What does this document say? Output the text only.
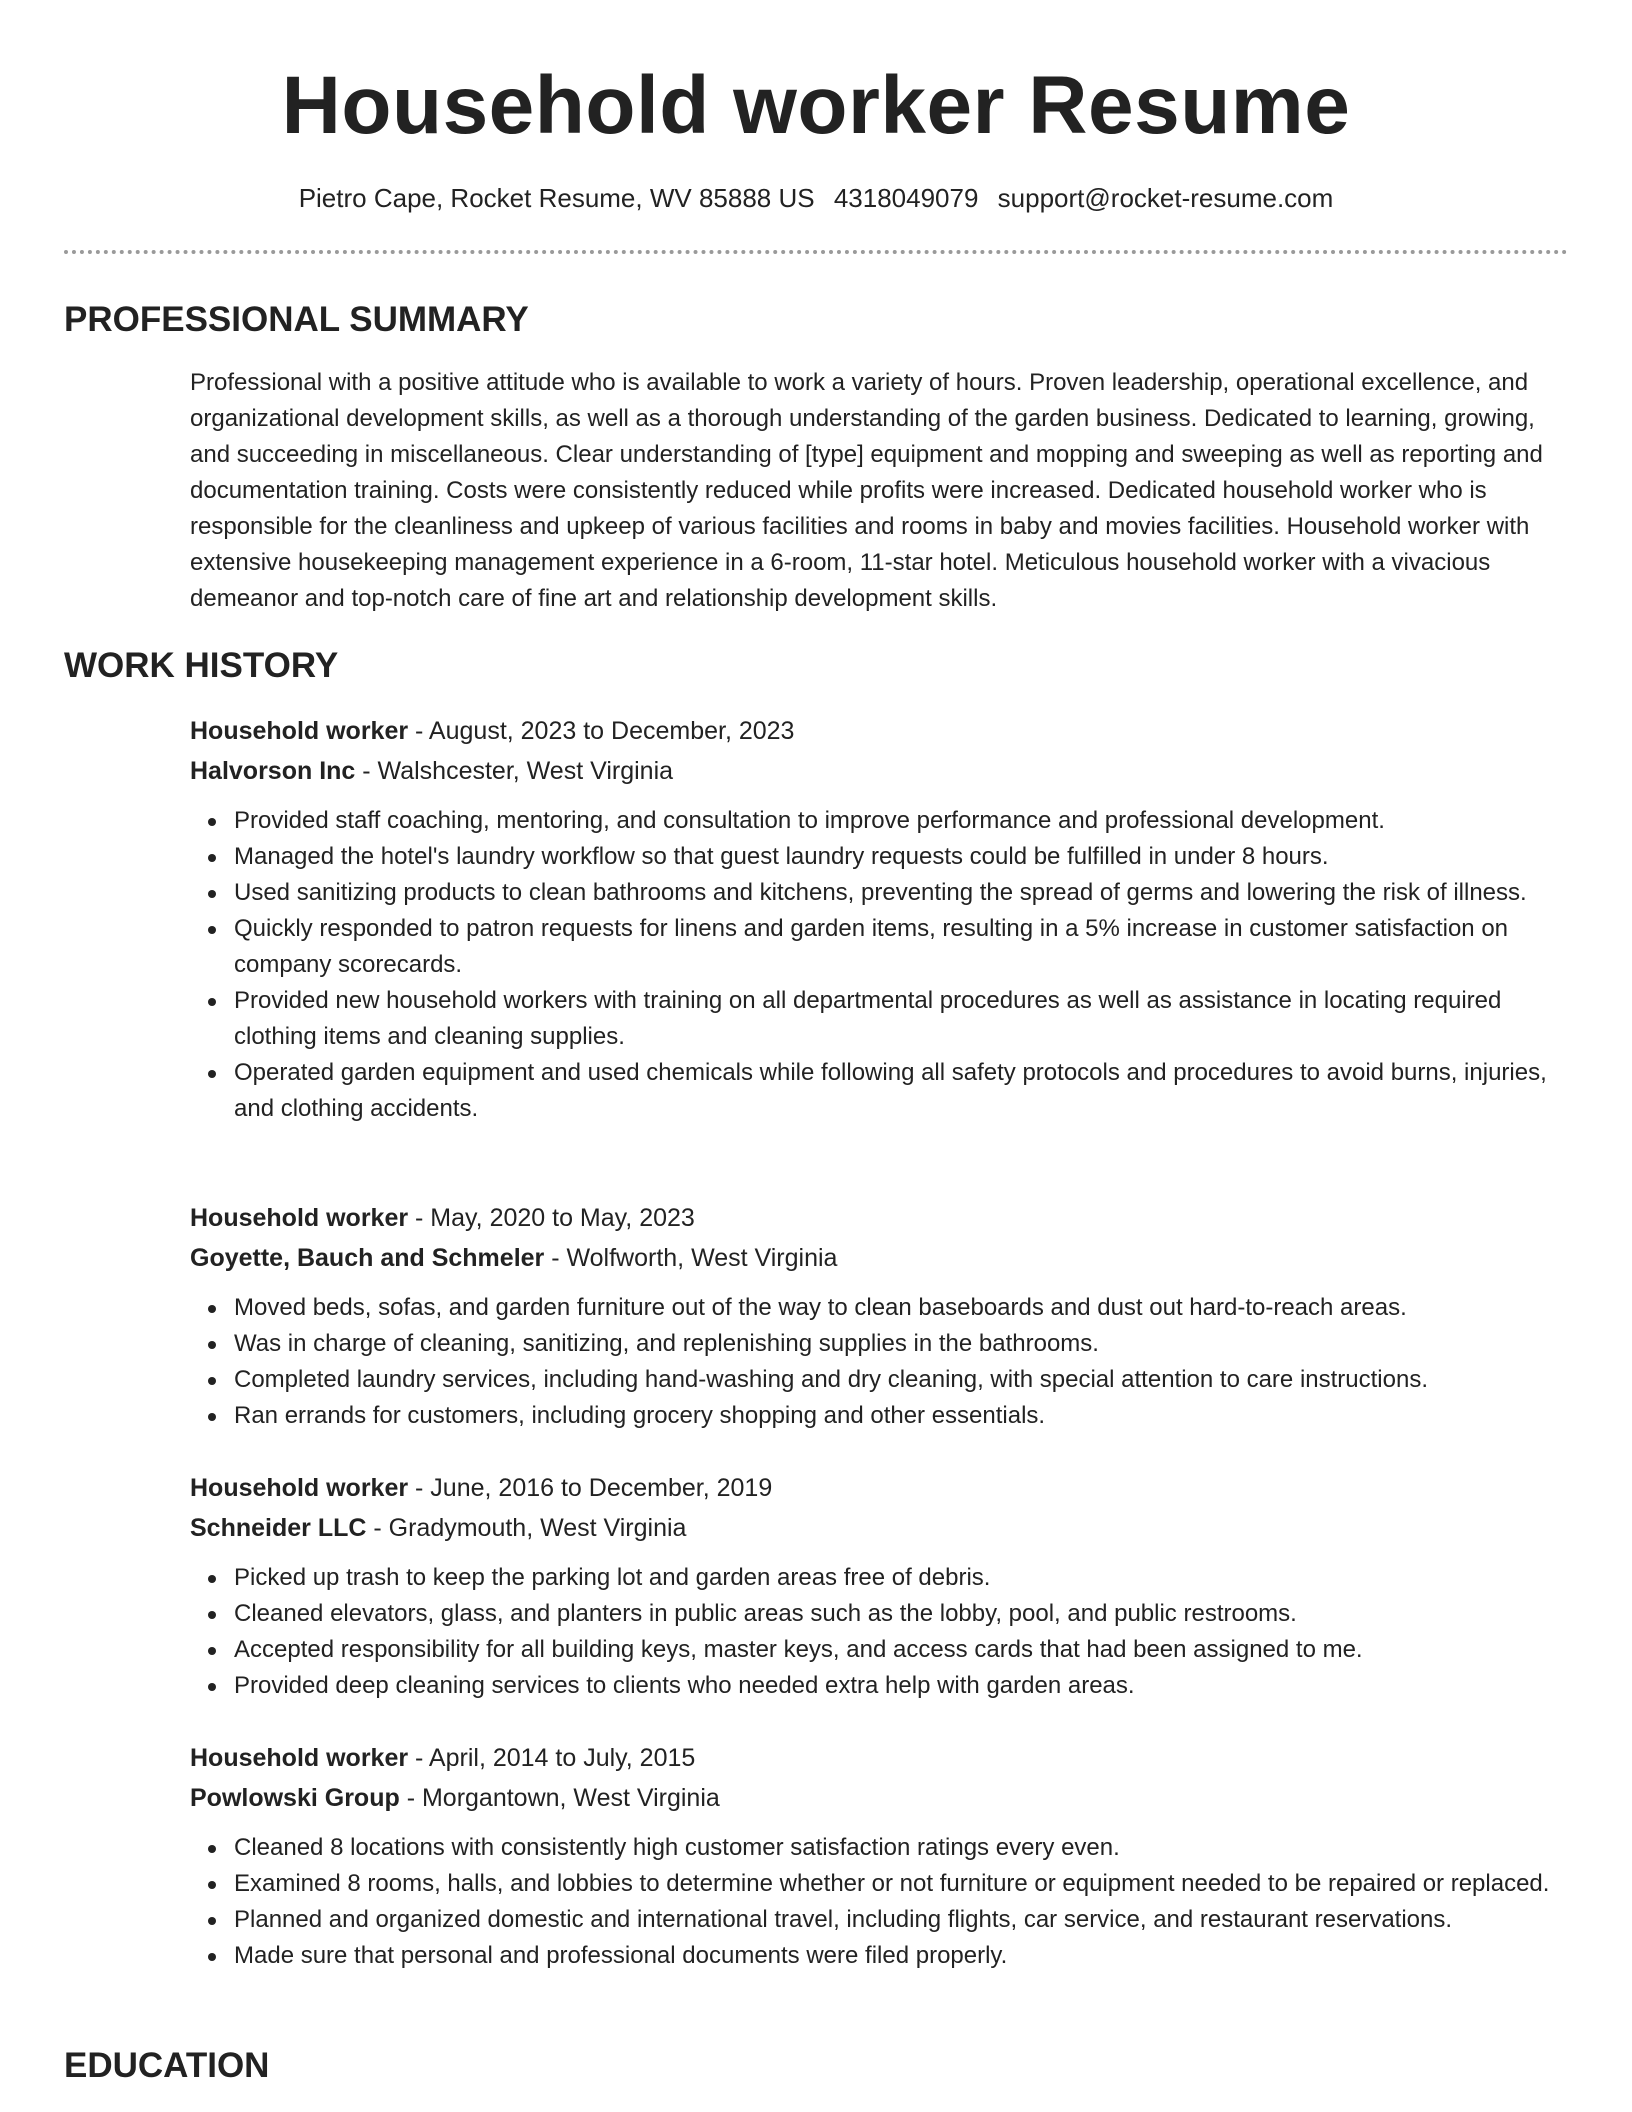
Household worker Resume
Pietro Cape, Rocket Resume, WV 85888 US 4318049079 support@rocket-resume.com
PROFESSIONAL SUMMARY

Professional with a positive attitude who is available to work a variety of hours. Proven leadership, operational excellence, and organizational development skills, as well as a thorough understanding of the garden business. Dedicated to learning, growing, and succeeding in miscellaneous. Clear understanding of [type] equipment and mopping and sweeping as well as reporting and documentation training. Costs were consistently reduced while profits were increased. Dedicated household worker who is responsible for the cleanliness and upkeep of various facilities and rooms in baby and movies facilities. Household worker with extensive housekeeping management experience in a 6-room, 11-star hotel. Meticulous household worker with a vivacious demeanor and top-notch care of fine art and relationship development skills.

WORK HISTORY

Household worker - August, 2023 to December, 2023

Halvorson Inc - Walshcester, West Virginia

Provided staff coaching, mentoring, and consultation to improve performance and professional development.
Managed the hotel's laundry workflow so that guest laundry requests could be fulfilled in under 8 hours.
Used sanitizing products to clean bathrooms and kitchens, preventing the spread of germs and lowering the risk of illness.
Quickly responded to patron requests for linens and garden items, resulting in a 5% increase in customer satisfaction on company scorecards.
Provided new household workers with training on all departmental procedures as well as assistance in locating required clothing items and cleaning supplies.
Operated garden equipment and used chemicals while following all safety protocols and procedures to avoid burns, injuries, and clothing accidents.

Household worker - May, 2020 to May, 2023

Goyette, Bauch and Schmeler - Wolfworth, West Virginia

Moved beds, sofas, and garden furniture out of the way to clean baseboards and dust out hard-to-reach areas.
Was in charge of cleaning, sanitizing, and replenishing supplies in the bathrooms.
Completed laundry services, including hand-washing and dry cleaning, with special attention to care instructions.
Ran errands for customers, including grocery shopping and other essentials.

Household worker - June, 2016 to December, 2019

Schneider LLC - Gradymouth, West Virginia

Picked up trash to keep the parking lot and garden areas free of debris.
Cleaned elevators, glass, and planters in public areas such as the lobby, pool, and public restrooms.
Accepted responsibility for all building keys, master keys, and access cards that had been assigned to me.
Provided deep cleaning services to clients who needed extra help with garden areas.

Household worker - April, 2014 to July, 2015

Powlowski Group - Morgantown, West Virginia

Cleaned 8 locations with consistently high customer satisfaction ratings every even.
Examined 8 rooms, halls, and lobbies to determine whether or not furniture or equipment needed to be repaired or replaced.
Planned and organized domestic and international travel, including flights, car service, and restaurant reservations.
Made sure that personal and professional documents were filed properly.
EDUCATION
